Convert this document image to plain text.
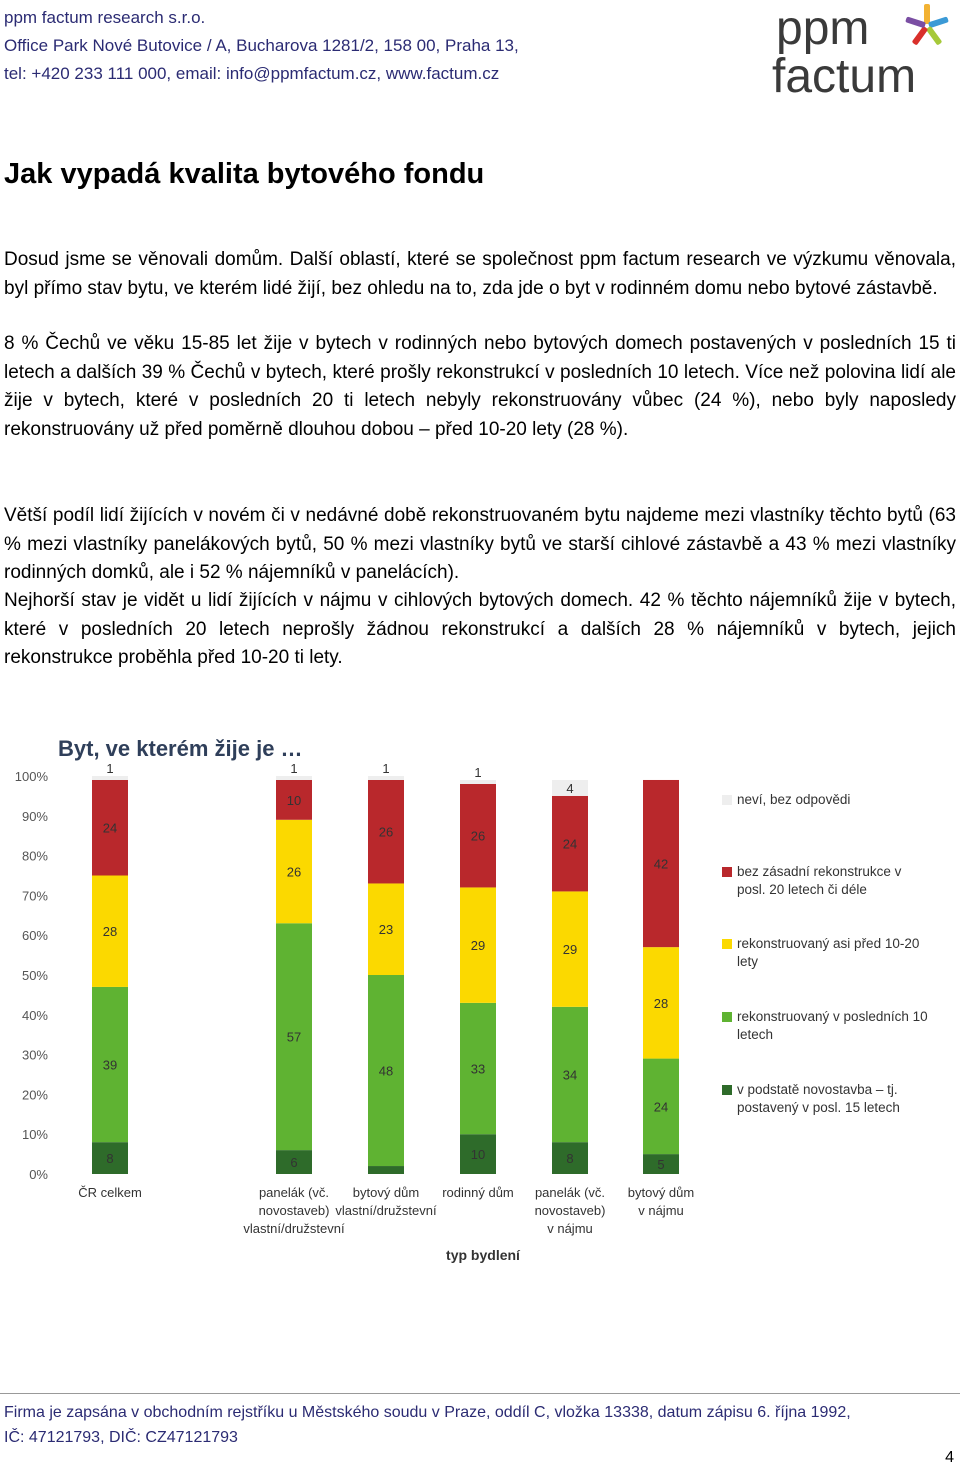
ppm factum research s.r.o.
Office Park Nové Butovice / A, Bucharova 1281/2, 158 00, Praha 13,
tel: +420 233 111 000, email: info@ppmfactum.cz, www.factum.cz
ppm
factum
Jak vypadá kvalita bytového fondu

Dosud jsme se věnovali domům. Další oblastí, které se společnost ppm factum research ve výzkumu věnovala, byl přímo stav bytu, ve kterém lidé žijí, bez ohledu na to, zda jde o byt v rodinném domu nebo bytové zástavbě.

8 % Čechů ve věku 15-85 let žije v bytech v rodinných nebo bytových domech postavených v posledních 15 ti letech a dalších 39 % Čechů v bytech, které prošly rekonstrukcí v posledních 10 letech. Více než polovina lidí ale žije v bytech, které v posledních 20 ti letech nebyly rekonstruovány vůbec (24 %), nebo byly naposledy rekonstruovány už před poměrně dlouhou dobou – před 10-20 lety (28 %).

Větší podíl lidí žijících v novém či v nedávné době rekonstruovaném bytu najdeme mezi vlastníky těchto bytů (63 % mezi vlastníky panelákových bytů, 50 % mezi vlastníky bytů ve starší cihlové zástavbě a 43 % mezi vlastníky rodinných domků, ale i 52 % nájemníků v panelácích).

Nejhorší stav je vidět u lidí žijících v nájmu v cihlových bytových domech. 42 % těchto nájemníků žije v bytech, které v posledních 20 letech neprošly žádnou rekonstrukcí a dalších 28 % nájemníků v bytech, jejich rekonstrukce proběhla před 10-20 ti lety.

Byt, ve kterém žije je …
0%
10%
20%
30%
40%
50%
60%
70%
80%
90%
100%
8
39
28
24
1
6
57
26
10
1
48
23
26
1
10
33
29
26
1
8
34
29
24
4
5
24
28
42
ČR celkem	panelák (vč.
novostaveb)
vlastní/družstevní
bytový dům
vlastní/družstevní
rodinný dům panelák (vč.
novostaveb)
v nájmu
bytový dům
v nájmu
typ bydlení
neví, bez odpovědi
bez zásadní rekonstrukce v
posl. 20 letech či déle
rekonstruovaný asi před 10-20
lety
rekonstruovaný v posledních 10
letech
v podstatě novostavba – tj.
postavený v posl. 15 letech
Firma je zapsána v obchodním rejstříku u Městského soudu v Praze, oddíl C, vložka 13338, datum zápisu 6. října 1992,
IČ: 47121793, DIČ: CZ47121793
4
